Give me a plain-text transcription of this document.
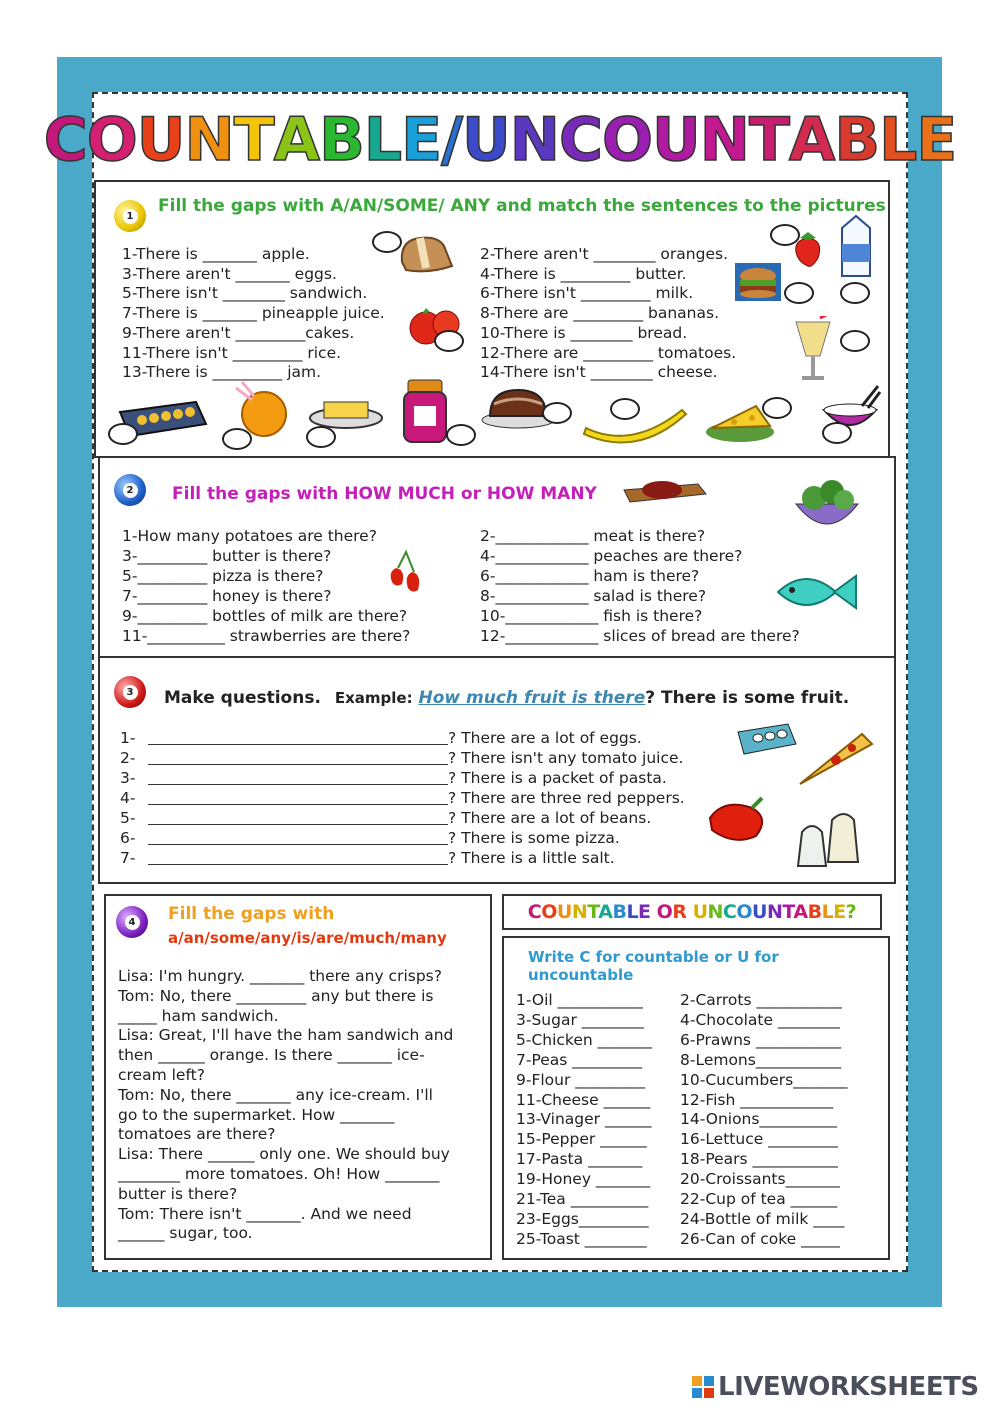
C O U N T A B L E / U N C O U N T A B L E
1 Fill the gaps with A/AN/SOME/ ANY and match the sentences to the pictures
1-There is _______ apple.
3-There aren't _______ eggs.
5-There isn't ________ sandwich.
7-There is _______ pineapple juice.
9-There aren't _________cakes.
11-There isn't _________ rice.
13-There is _________ jam.
2-There aren't ________ oranges.
4-There is _________ butter.
6-There isn't _________ milk.
8-There are _________ bananas.
10-There is ________ bread.
12-There are _________ tomatoes.
14-There isn't ________ cheese.
2 Fill the gaps with HOW MUCH or HOW MANY
1-How many potatoes are there?
3-_________ butter is there?
5-_________ pizza is there?
7-_________ honey is there?
9-_________ bottles of milk are there?
11-__________ strawberries are there?
2-____________ meat is there?
4-____________ peaches are there?
6-____________ ham is there?
8-____________ salad is there?
10-____________ fish is there?
12-____________ slices of bread are there?
3 Make questions. Example: How much fruit is there? There is some fruit.
1-	? There are a lot of eggs.
2-	? There isn't any tomato juice.
3-	? There is a packet of pasta.
4-	? There are three red peppers.
5-	? There are a lot of beans.
6-	? There is some pizza.
7-	? There is a little salt.
4 Fill the gaps with
a/an/some/any/is/are/much/many
Lisa: I'm hungry. _______ there any crisps?
Tom: No, there _________ any but there is
_____ ham sandwich.
Lisa: Great, I'll have the ham sandwich and
then ______ orange. Is there _______ ice-
cream left?
Tom: No, there _______ any ice-cream. I'll
go to the supermarket. How _______
tomatoes are there?
Lisa: There ______ only one. We should buy
________ more tomatoes. Oh! How _______
butter is there?
Tom: There isn't _______. And we need
______ sugar, too.
COUNTABLE OR UNCOUNTABLE?
Write C for countable or U for uncountable
1-Oil ___________
3-Sugar ________
5-Chicken _______
7-Peas _________
9-Flour _________
11-Cheese ______
13-Vinager ______
15-Pepper ______
17-Pasta _______
19-Honey _______
21-Tea __________
23-Eggs_________
25-Toast ________
2-Carrots ___________
4-Chocolate ________
6-Prawns ___________
8-Lemons___________
10-Cucumbers_______
12-Fish ____________
14-Onions__________
16-Lettuce _________
18-Pears ___________
20-Croissants_______
22-Cup of tea ______
24-Bottle of milk ____
26-Can of coke _____
LIVEWORKSHEETS
